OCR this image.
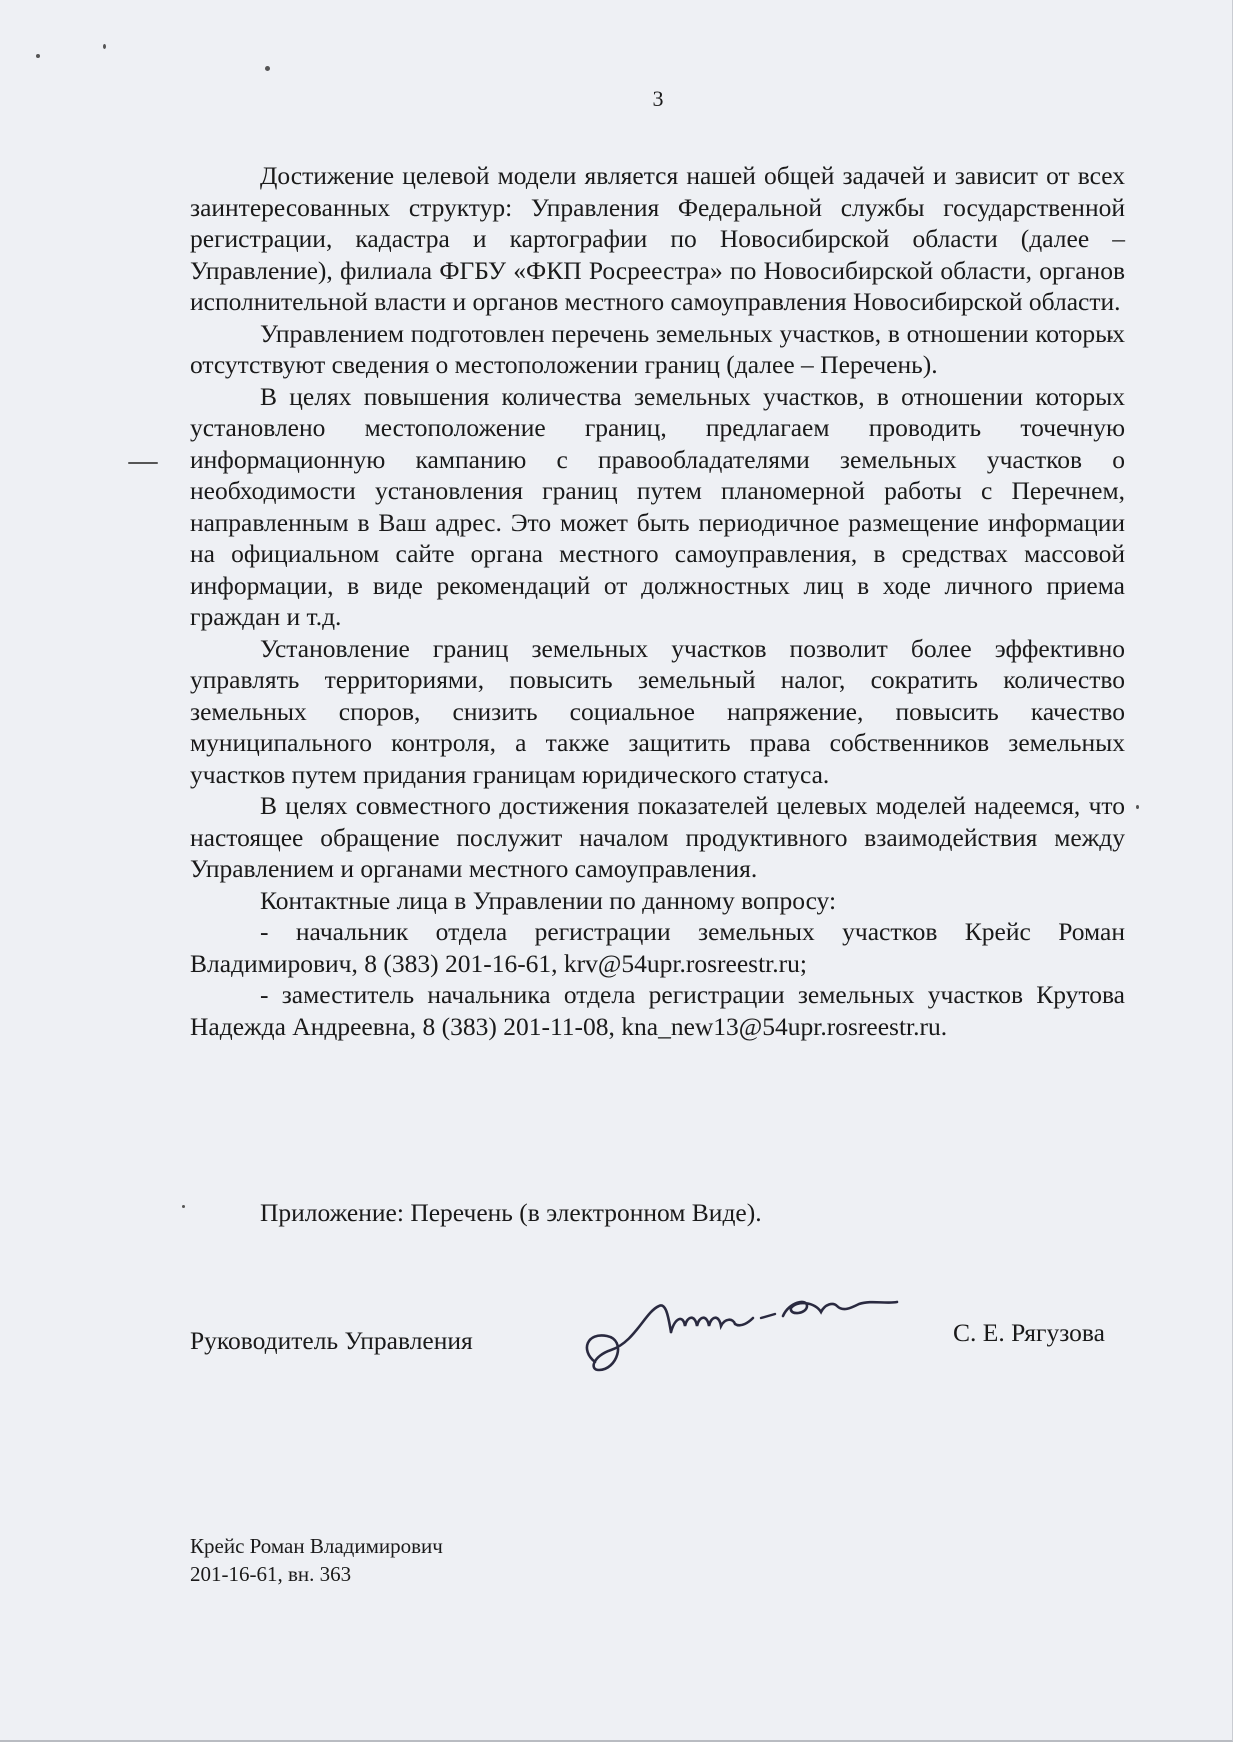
3

Достижение целевой модели является нашей общей задачей и зависит от всех заинтересованных структур: Управления Федеральной службы государственной регистрации, кадастра и картографии по Новосибирской области (далее – Управление), филиала ФГБУ «ФКП Росреестра» по Новосибирской области, органов исполнительной власти и органов местного самоуправления Новосибирской области.

Управлением подготовлен перечень земельных участков, в отношении которых отсутствуют сведения о местоположении границ (далее – Перечень).

В целях повышения количества земельных участков, в отношении которых установлено местоположение границ, предлагаем проводить точечную информационную кампанию с правообладателями земельных участков о необходимости установления границ путем планомерной работы с Перечнем, направленным в Ваш адрес. Это может быть периодичное размещение информации на официальном сайте органа местного самоуправления, в средствах массовой информации, в виде рекомендаций от должностных лиц в ходе личного приема граждан и т.д.

Установление границ земельных участков позволит более эффективно управлять территориями, повысить земельный налог, сократить количество земельных споров, снизить социальное напряжение, повысить качество муниципального контроля, а также защитить права собственников земельных участков путем придания границам юридического статуса.

В целях совместного достижения показателей целевых моделей надеемся, что настоящее обращение послужит началом продуктивного взаимодействия между Управлением и органами местного самоуправления.

Контактные лица в Управлении по данному вопросу:

- начальник отдела регистрации земельных участков Крейс Роман Владимирович, 8 (383) 201-16-61, krv@54upr.rosreestr.ru;

- заместитель начальника отдела регистрации земельных участков Крутова Надежда Андреевна, 8 (383) 201-11-08, kna_new13@54upr.rosreestr.ru.

Приложение: Перечень (в электронном Виде).
Руководитель Управления	С. Е. Рягузова
Крейс Роман Владимирович
201-16-61, вн. 363
